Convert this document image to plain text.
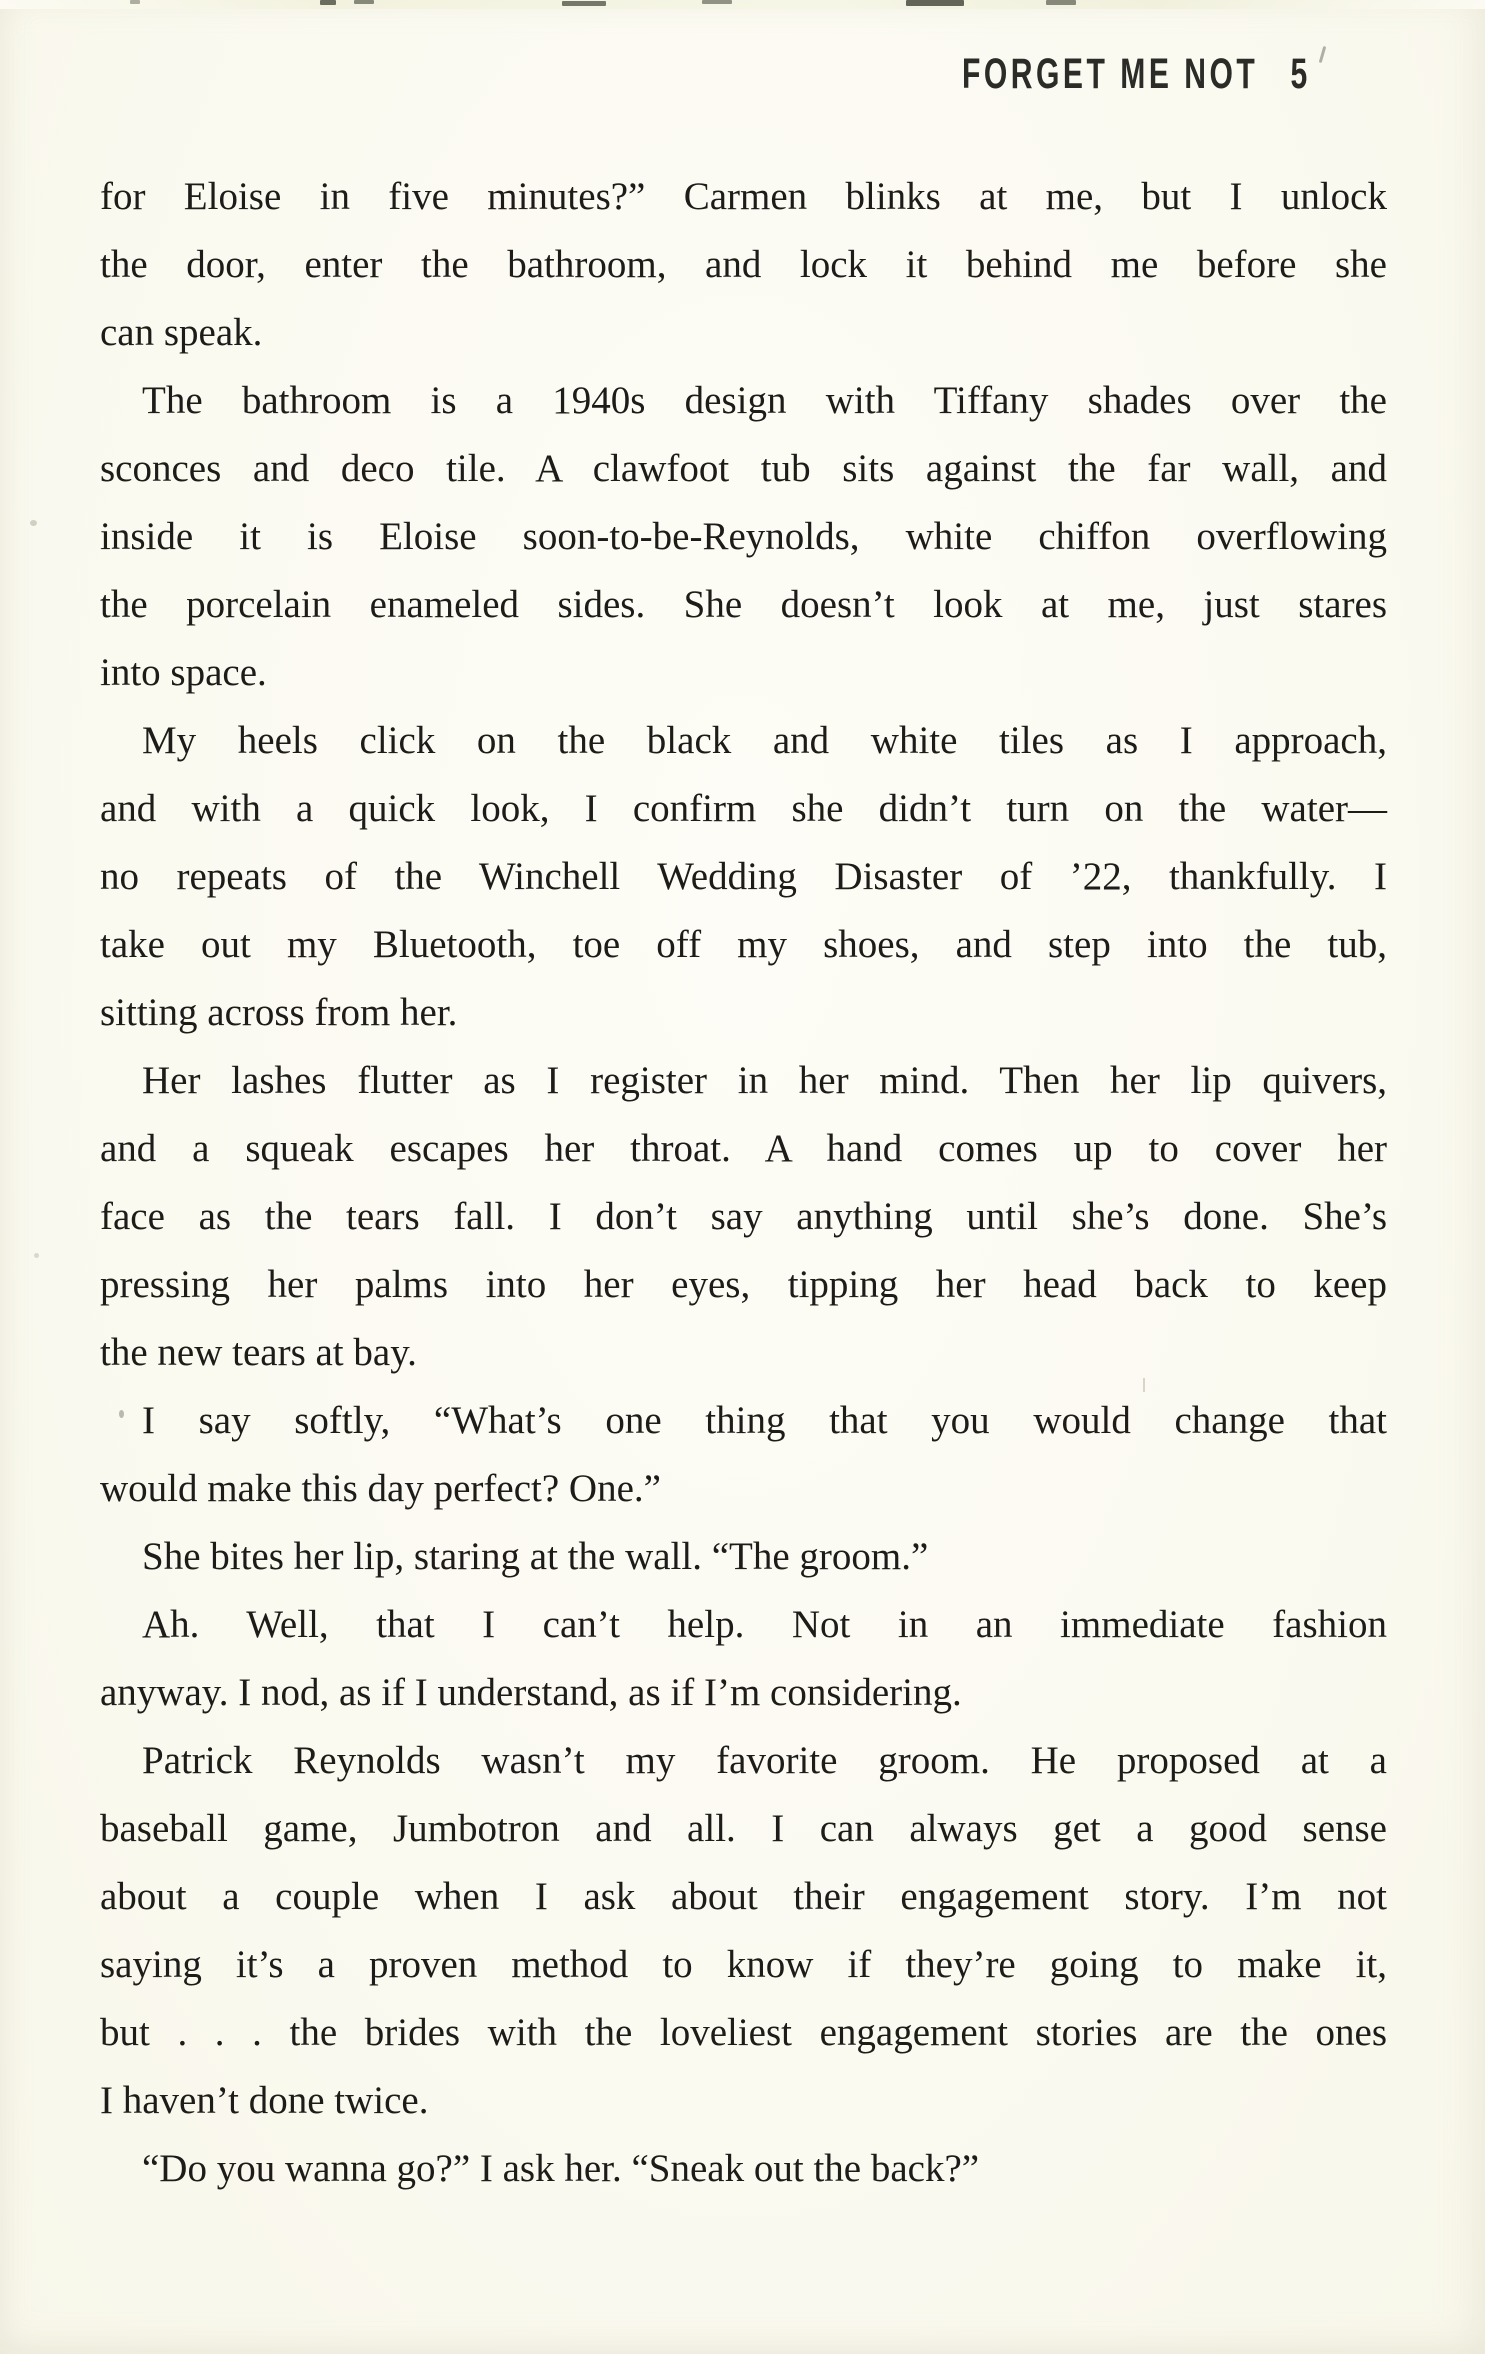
FORGET ME NOT 5

for Eloise in five minutes?” Carmen blinks at me, but I unlock
the door, enter the bathroom, and lock it behind me before she
can speak.

The bathroom is a 1940s design with Tiffany shades over the
sconces and deco tile. A clawfoot tub sits against the far wall, and
inside it is Eloise soon-to-be-Reynolds, white chiffon overflowing
the porcelain enameled sides. She doesn’t look at me, just stares
into space.

My heels click on the black and white tiles as I approach,
and with a quick look, I confirm she didn’t turn on the water—
no repeats of the Winchell Wedding Disaster of ’22, thankfully. I
take out my Bluetooth, toe off my shoes, and step into the tub,
sitting across from her.

Her lashes flutter as I register in her mind. Then her lip quivers,
and a squeak escapes her throat. A hand comes up to cover her
face as the tears fall. I don’t say anything until she’s done. She’s
pressing her palms into her eyes, tipping her head back to keep
the new tears at bay.

I say softly, “What’s one thing that you would change that
would make this day perfect? One.”

She bites her lip, staring at the wall. “The groom.”

Ah. Well, that I can’t help. Not in an immediate fashion
anyway. I nod, as if I understand, as if I’m considering.

Patrick Reynolds wasn’t my favorite groom. He proposed at a
baseball game, Jumbotron and all. I can always get a good sense
about a couple when I ask about their engagement story. I’m not
saying it’s a proven method to know if they’re going to make it,
but . . . the brides with the loveliest engagement stories are the ones
I haven’t done twice.

“Do you wanna go?” I ask her. “Sneak out the back?”
